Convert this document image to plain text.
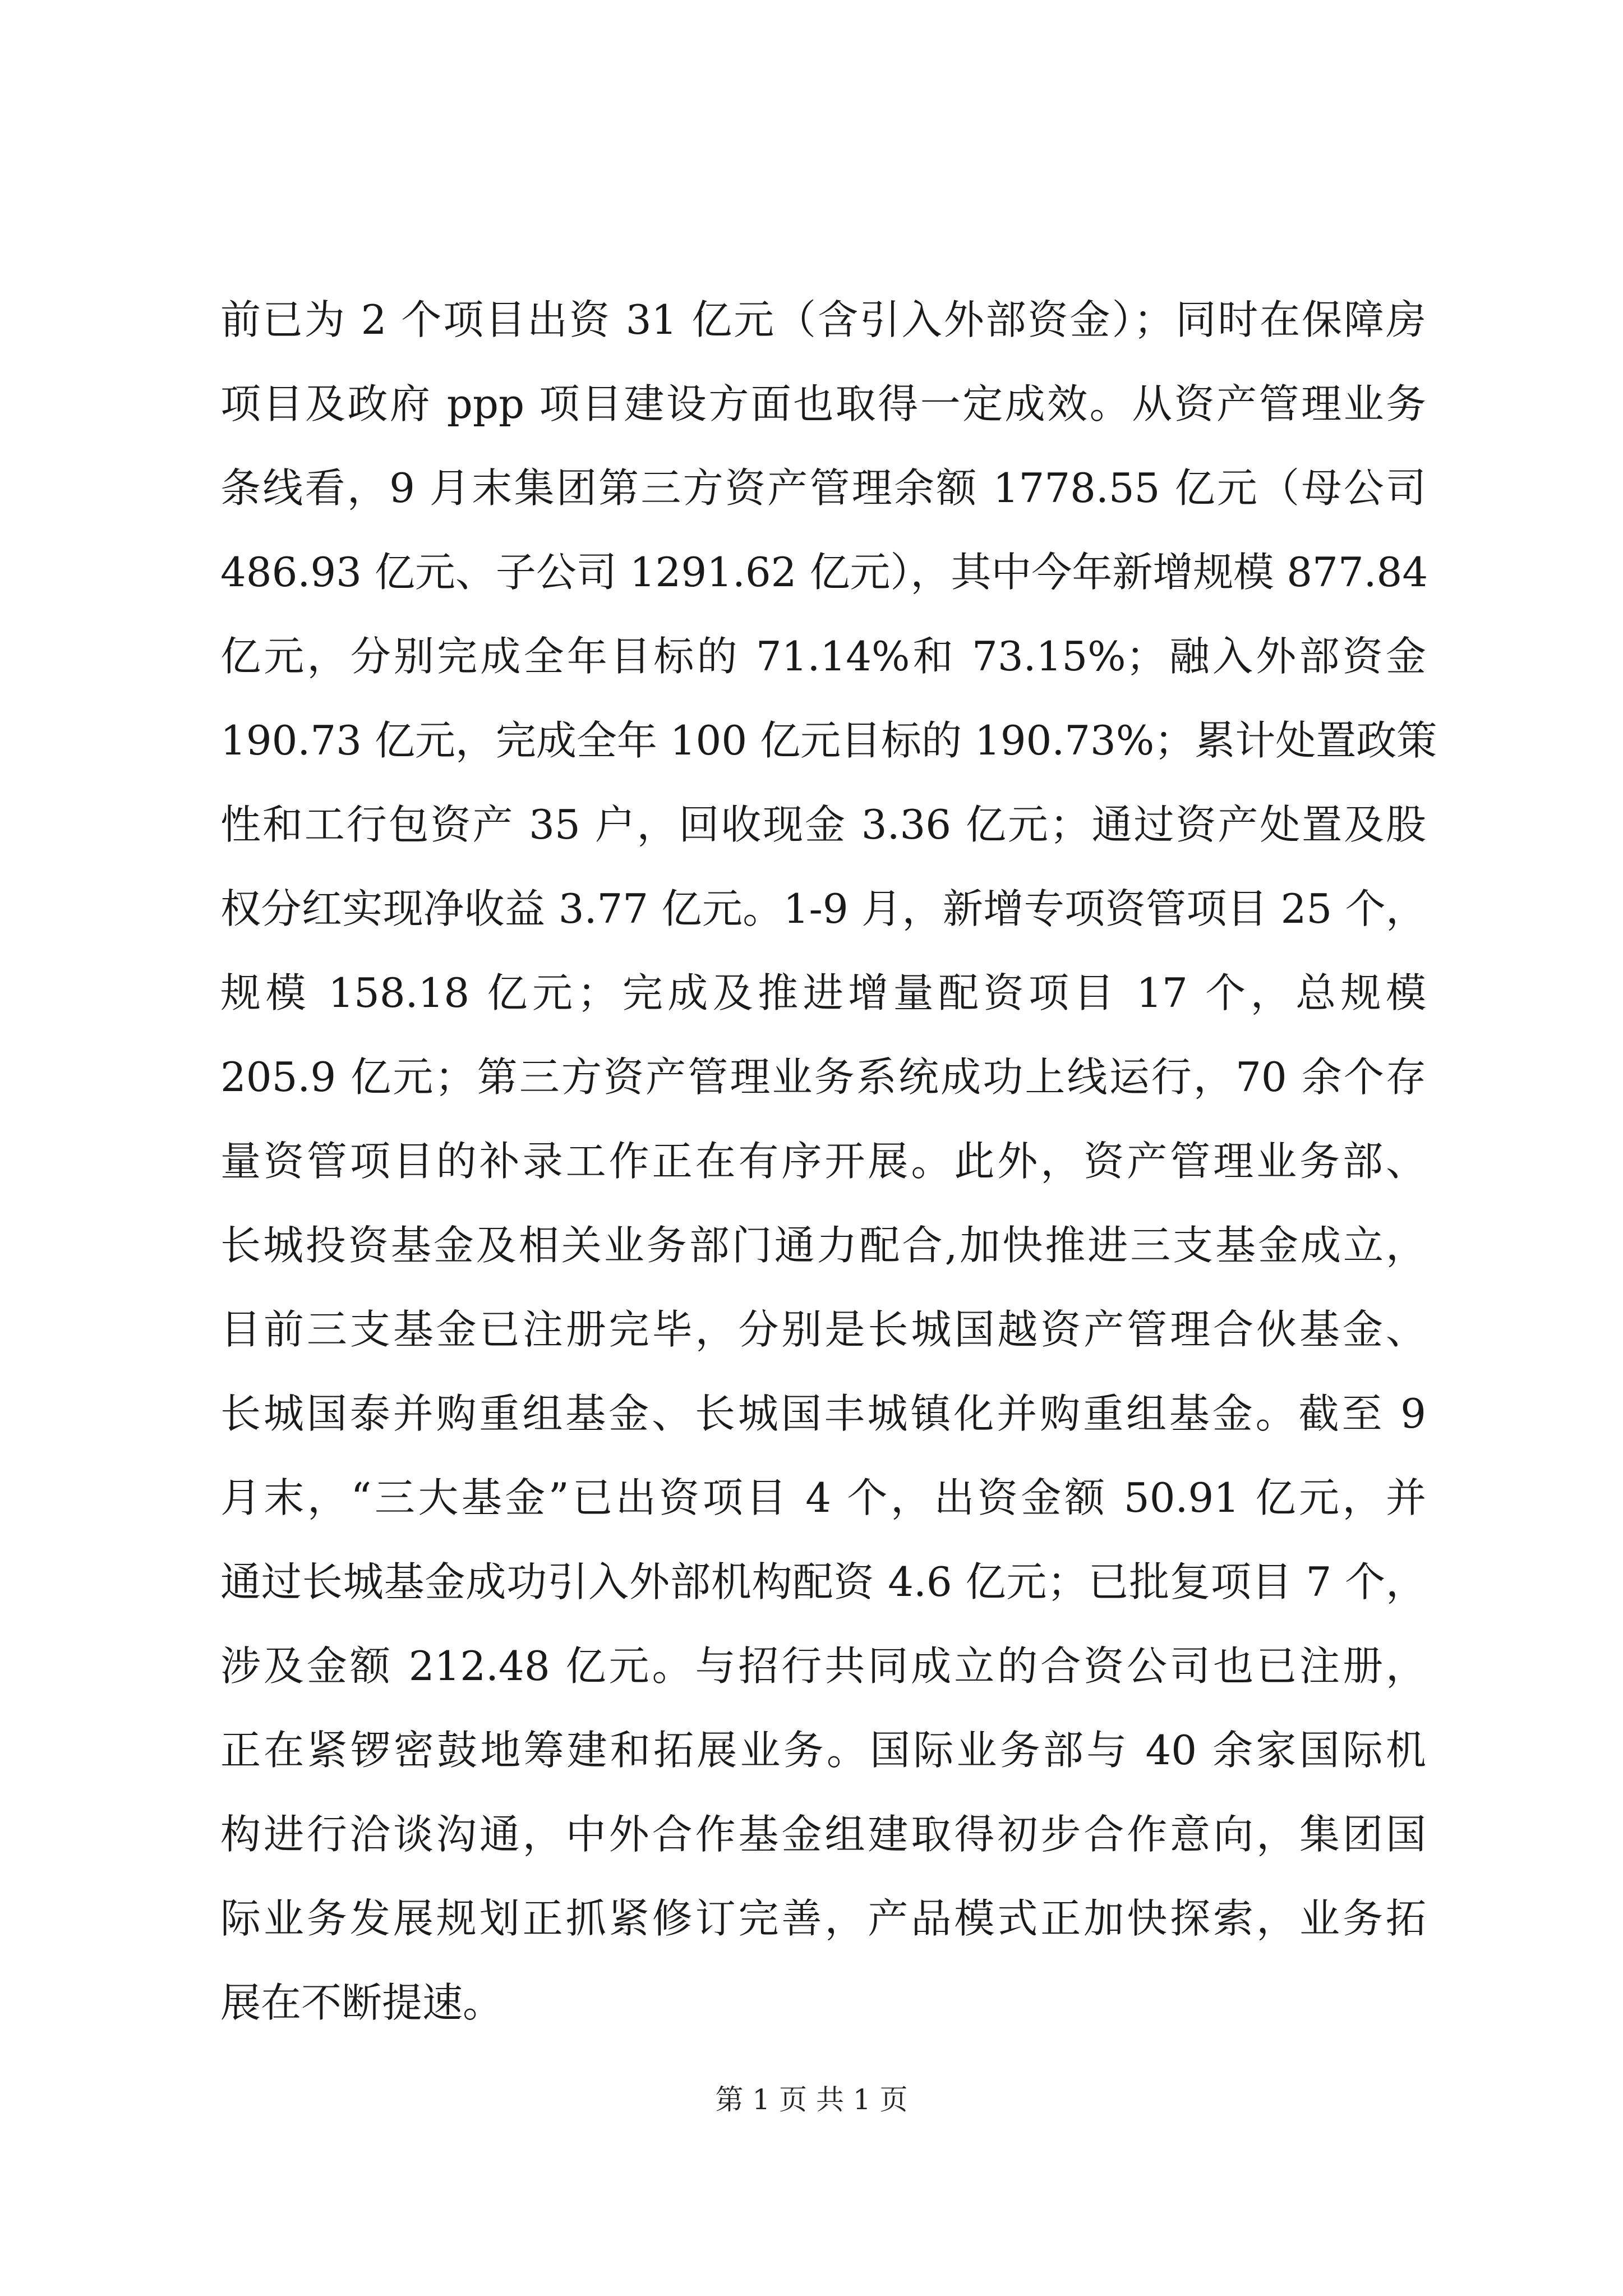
前已为 2 个项目出资 31 亿元（含引入外部资金）；同时在保障房
项目及政府 ppp 项目建设方面也取得一定成效。从资产管理业务
条线看，9 月末集团第三方资产管理余额 1778.55 亿元（母公司
486.93 亿元、子公司 1291.62 亿元），其中今年新增规模 877.84
亿元，分别完成全年目标的 71.14%和 73.15%；融入外部资金
190.73 亿元，完成全年 100 亿元目标的 190.73%；累计处置政策
性和工行包资产 35 户，回收现金 3.36 亿元；通过资产处置及股
权分红实现净收益 3.77 亿元。1-9 月，新增专项资管项目 25 个，
规模 158.18 亿元；完成及推进增量配资项目 17 个，总规模
205.9 亿元；第三方资产管理业务系统成功上线运行，70 余个存
量资管项目的补录工作正在有序开展。此外，资产管理业务部、
长城投资基金及相关业务部门通力配合,加快推进三支基金成立，
目前三支基金已注册完毕，分别是长城国越资产管理合伙基金、
长城国泰并购重组基金、长城国丰城镇化并购重组基金。截至 9
月末，“三大基金”已出资项目 4 个，出资金额 50.91 亿元，并
通过长城基金成功引入外部机构配资 4.6 亿元；已批复项目 7 个，
涉及金额 212.48 亿元。与招行共同成立的合资公司也已注册，
正在紧锣密鼓地筹建和拓展业务。国际业务部与 40 余家国际机
构进行洽谈沟通，中外合作基金组建取得初步合作意向，集团国
际业务发展规划正抓紧修订完善，产品模式正加快探索，业务拓
展在不断提速。
第 1 页 共 1 页
